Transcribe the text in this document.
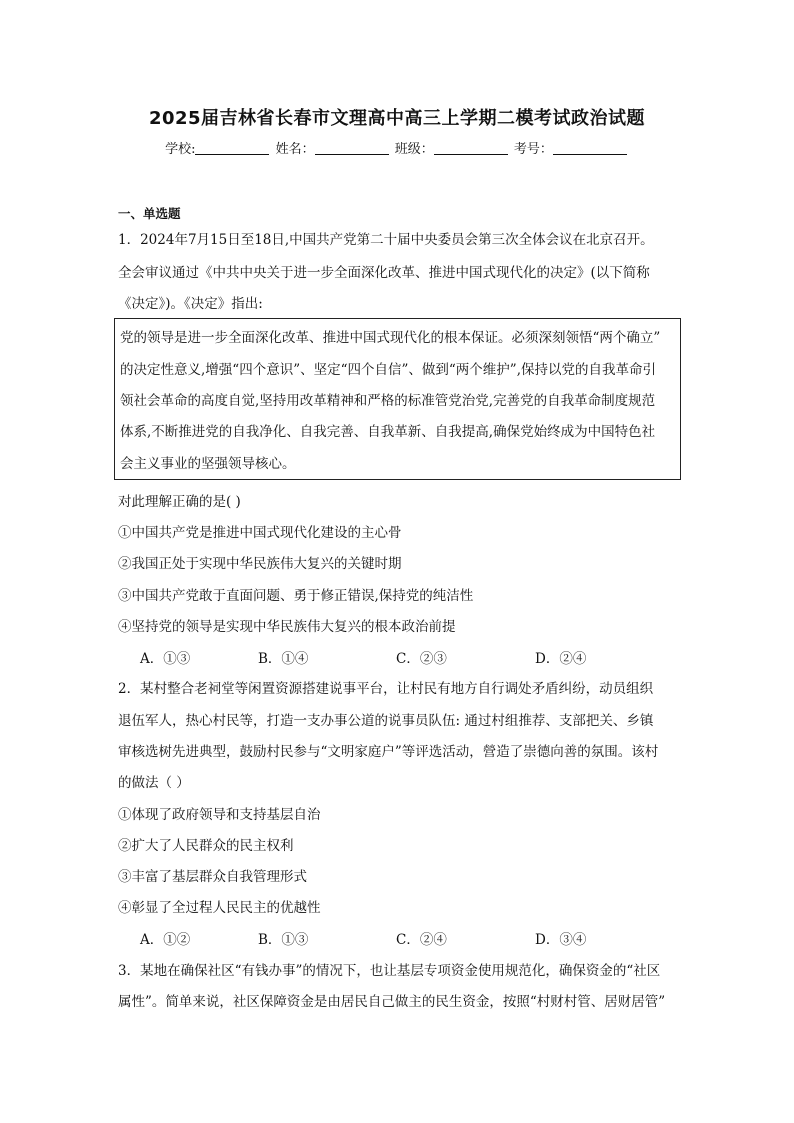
2025届吉林省长春市文理高中高三上学期二模考试政治试题
学校:	姓名：	班级：	考号：
一、单选题
1．2024年7月15日至18日,中国共产党第二十届中央委员会第三次全体会议在北京召开。
全会审议通过《中共中央关于进一步全面深化改革、推进中国式现代化的决定》(以下简称
《决定》)。《决定》指出:
党的领导是进一步全面深化改革、推进中国式现代化的根本保证。必须深刻领悟“两个确立”
的决定性意义,增强“四个意识”、坚定“四个自信”、做到“两个维护”,保持以党的自我革命引
领社会革命的高度自觉,坚持用改革精神和严格的标准管党治党,完善党的自我革命制度规范
体系,不断推进党的自我净化、自我完善、自我革新、自我提高,确保党始终成为中国特色社
会主义事业的坚强领导核心。
对此理解正确的是( )
①中国共产党是推进中国式现代化建设的主心骨
②我国正处于实现中华民族伟大复兴的关键时期
③中国共产党敢于直面问题、勇于修正错误,保持党的纯洁性
④坚持党的领导是实现中华民族伟大复兴的根本政治前提
A．①③	B．①④	C．②③	D．②④
2．某村整合老祠堂等闲置资源搭建说事平台，让村民有地方自行调处矛盾纠纷，动员组织
退伍军人，热心村民等，打造一支办事公道的说事员队伍: 通过村组推荐、支部把关、乡镇
审核选树先进典型，鼓励村民参与“文明家庭户”等评选活动，營造了崇德向善的氛围。该村
的做法（ ）
①体现了政府领导和支持基层自治
②扩大了人民群众的民主权利
③丰富了基层群众自我管理形式
④彰显了全过程人民民主的优越性
A．①②	B．①③	C．②④	D．③④
3．某地在确保社区“有钱办事”的情况下，也让基层专项资金使用规范化，确保资金的“社区
属性”。简单来说，社区保障资金是由居民自己做主的民生资金，按照“村财村管、居财居管”
